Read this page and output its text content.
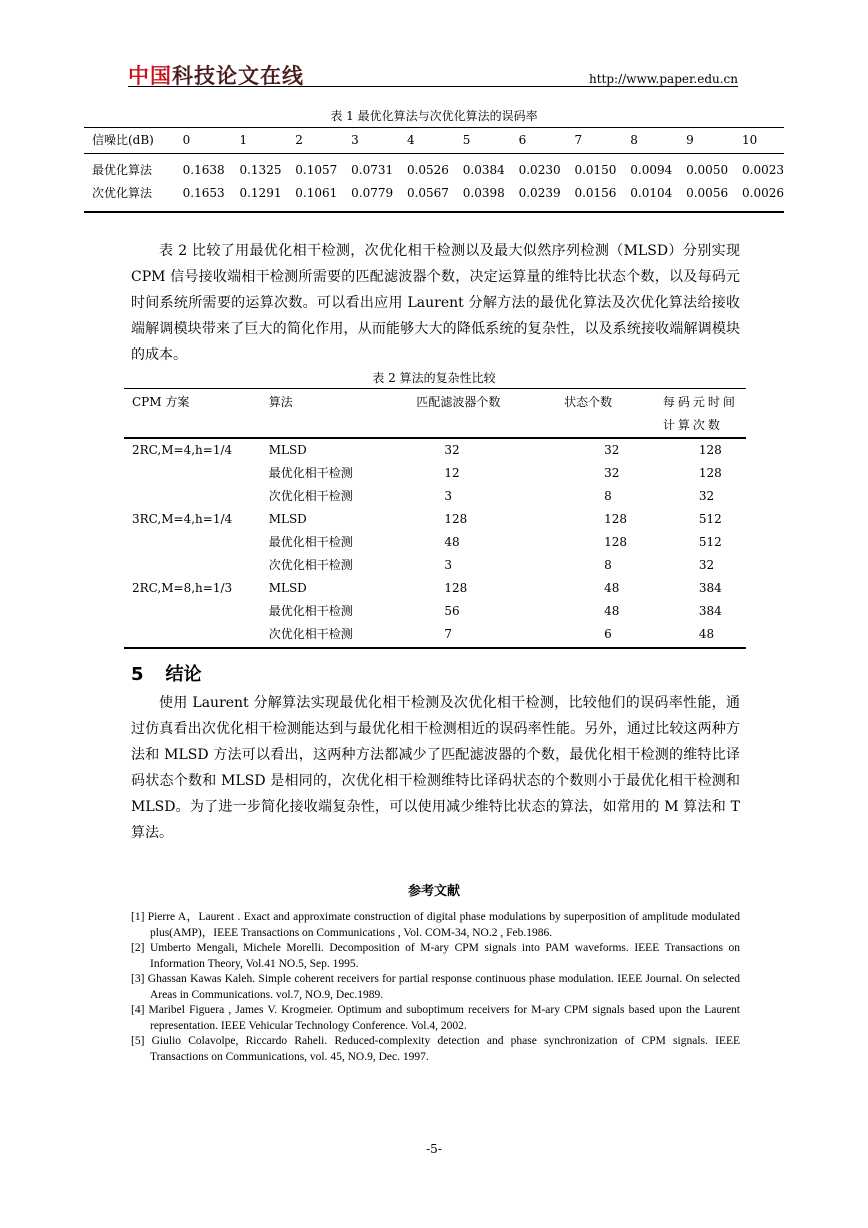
中国科技论文在线	http://www.paper.edu.cn
表 1 最优化算法与次优化算法的误码率
信噪比(dB)	0	1	2	3	4	5	6	7	8	9	10
最优化算法	0.1638	0.1325	0.1057	0.0731	0.0526	0.0384	0.0230	0.0150	0.0094	0.0050	0.0023
次优化算法	0.1653	0.1291	0.1061	0.0779	0.0567	0.0398	0.0239	0.0156	0.0104	0.0056	0.0026

表 2 比较了用最优化相干检测，次优化相干检测以及最大似然序列检测（MLSD）分别实现 CPM 信号接收端相干检测所需要的匹配滤波器个数，决定运算量的维特比状态个数，以及每码元时间系统所需要的运算次数。可以看出应用 Laurent 分解方法的最优化算法及次优化算法给接收端解调模块带来了巨大的简化作用，从而能够大大的降低系统的复杂性，以及系统接收端解调模块的成本。

表 2 算法的复杂性比较
CPM 方案	算法	匹配滤波器个数	状态个数	每码元时间计算次数
2RC,M=4,h=1/4	MLSD	32	32	128
	最优化相干检测	12	32	128
	次优化相干检测	3	8	32
3RC,M=4,h=1/4	MLSD	128	128	512
	最优化相干检测	48	128	512
	次优化相干检测	3	8	32
2RC,M=8,h=1/3	MLSD	128	48	384
	最优化相干检测	56	48	384
	次优化相干检测	7	6	48
5 结论

使用 Laurent 分解算法实现最优化相干检测及次优化相干检测，比较他们的误码率性能，通过仿真看出次优化相干检测能达到与最优化相干检测相近的误码率性能。另外，通过比较这两种方法和 MLSD 方法可以看出，这两种方法都减少了匹配滤波器的个数，最优化相干检测的维特比译码状态个数和 MLSD 是相同的，次优化相干检测维特比译码状态的个数则小于最优化相干检测和 MLSD。为了进一步简化接收端复杂性，可以使用减少维特比状态的算法，如常用的 M 算法和 T 算法。

参考文献

[1] Pierre A，Laurent . Exact and approximate construction of digital phase modulations by superposition of amplitude modulated plus(AMP)，IEEE Transactions on Communications , Vol. COM-34, NO.2 , Feb.1986.

[2] Umberto Mengali, Michele Morelli. Decomposition of M-ary CPM signals into PAM waveforms. IEEE Transactions on Information Theory, Vol.41 NO.5, Sep. 1995.

[3] Ghassan Kawas Kaleh. Simple coherent receivers for partial response continuous phase modulation. IEEE Journal. On selected Areas in Communications. vol.7, NO.9, Dec.1989.

[4] Maribel Figuera , James V. Krogmeier. Optimum and suboptimum receivers for M-ary CPM signals based upon the Laurent representation. IEEE Vehicular Technology Conference. Vol.4, 2002.

[5] Giulio Colavolpe, Riccardo Raheli. Reduced-complexity detection and phase synchronization of CPM signals. IEEE Transactions on Communications, vol. 45, NO.9, Dec. 1997.

-5-
